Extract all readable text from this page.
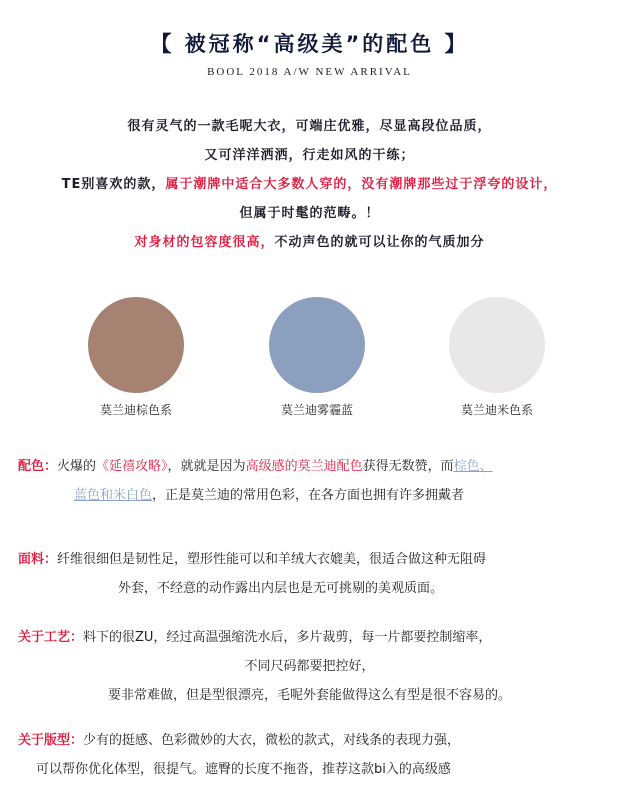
【 被冠称“高级美”的配色 】
BOOL 2018 A/W NEW ARRIVAL
很有灵气的一款毛呢大衣，可端庄优雅，尽显高段位品质，
又可洋洋洒洒，行走如风的干练；
TE别喜欢的款，属于潮牌中适合大多数人穿的，没有潮牌那些过于浮夸的设计，
但属于时髦的范畴。！
对身材的包容度很高，不动声色的就可以让你的气质加分
莫兰迪棕色系	莫兰迪雾霾蓝	莫兰迪米色系
配色：火爆的《延禧攻略》，就就是因为高级感的莫兰迪配色获得无数赞，而棕色、
蓝色和米白色，正是莫兰迪的常用色彩，在各方面也拥有许多拥戴者
面料：纤维很细但是韧性足，塑形性能可以和羊绒大衣媲美，很适合做这种无阻碍
外套，不经意的动作露出内层也是无可挑剔的美观质面。
关于工艺：料下的很ZU，经过高温强缩洗水后，多片裁剪，每一片都要控制缩率，
不同尺码都要把控好，
要非常难做，但是型很漂亮，毛呢外套能做得这么有型是很不容易的。
关于版型：少有的挺感、色彩微妙的大衣，微松的款式，对线条的表现力强，
可以帮你优化体型，很提气。遮臀的长度不拖沓，推荐这款bi入的高级感
